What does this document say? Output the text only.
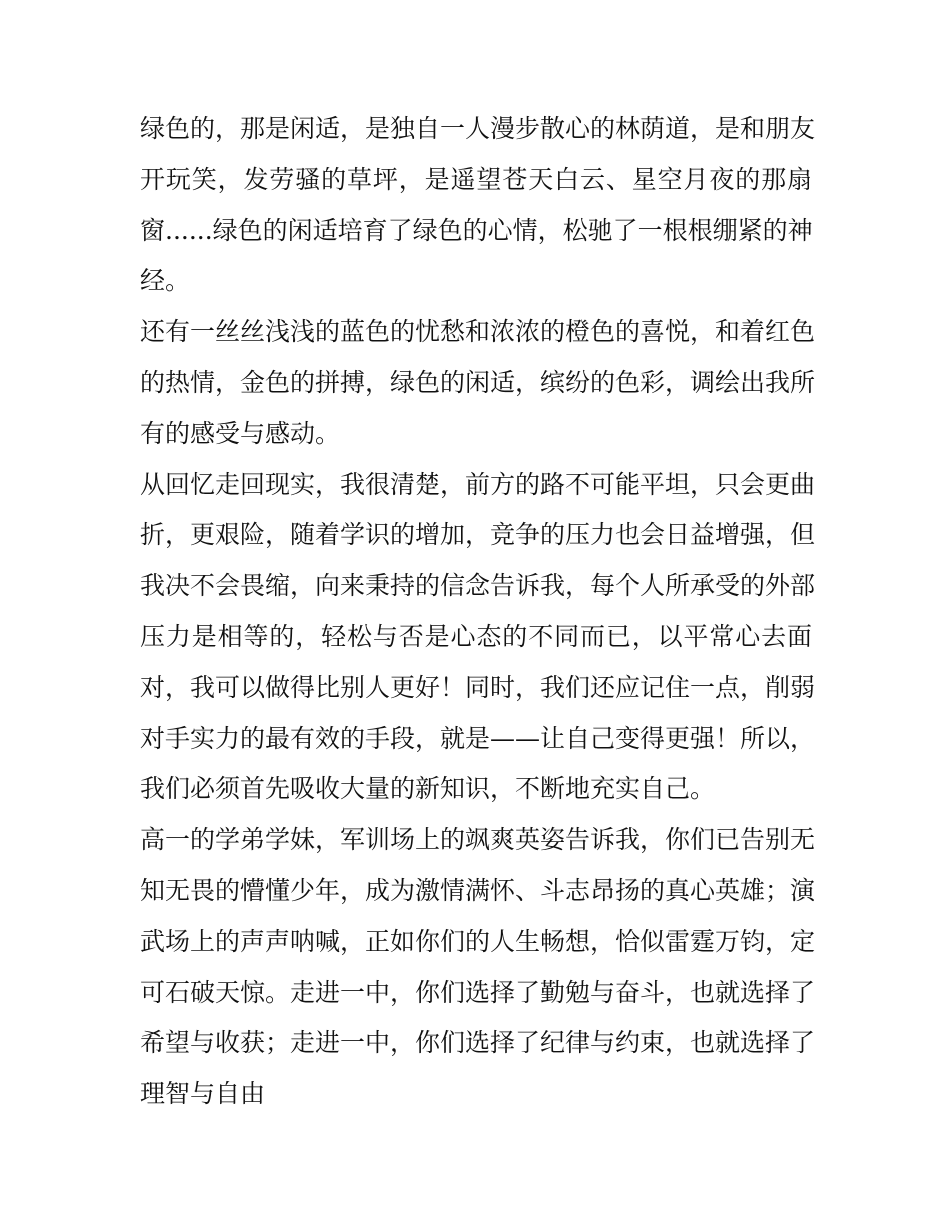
绿色的，那是闲适，是独自一人漫步散心的林荫道，是和朋友
开玩笑，发劳骚的草坪，是遥望苍天白云、星空月夜的那扇
窗......绿色的闲适培育了绿色的心情，松驰了一根根绷紧的神
经。
还有一丝丝浅浅的蓝色的忧愁和浓浓的橙色的喜悦，和着红色
的热情，金色的拼搏，绿色的闲适，缤纷的色彩，调绘出我所
有的感受与感动。
从回忆走回现实，我很清楚，前方的路不可能平坦，只会更曲
折，更艰险，随着学识的增加，竞争的压力也会日益增强，但
我决不会畏缩，向来秉持的信念告诉我，每个人所承受的外部
压力是相等的，轻松与否是心态的不同而已，以平常心去面
对，我可以做得比别人更好！同时，我们还应记住一点，削弱
对手实力的最有效的手段，就是——让自己变得更强！所以，
我们必须首先吸收大量的新知识，不断地充实自己。
高一的学弟学妹，军训场上的飒爽英姿告诉我，你们已告别无
知无畏的懵懂少年，成为激情满怀、斗志昂扬的真心英雄；演
武场上的声声呐喊，正如你们的人生畅想，恰似雷霆万钧，定
可石破天惊。走进一中，你们选择了勤勉与奋斗，也就选择了
希望与收获；走进一中，你们选择了纪律与约束，也就选择了
理智与自由
